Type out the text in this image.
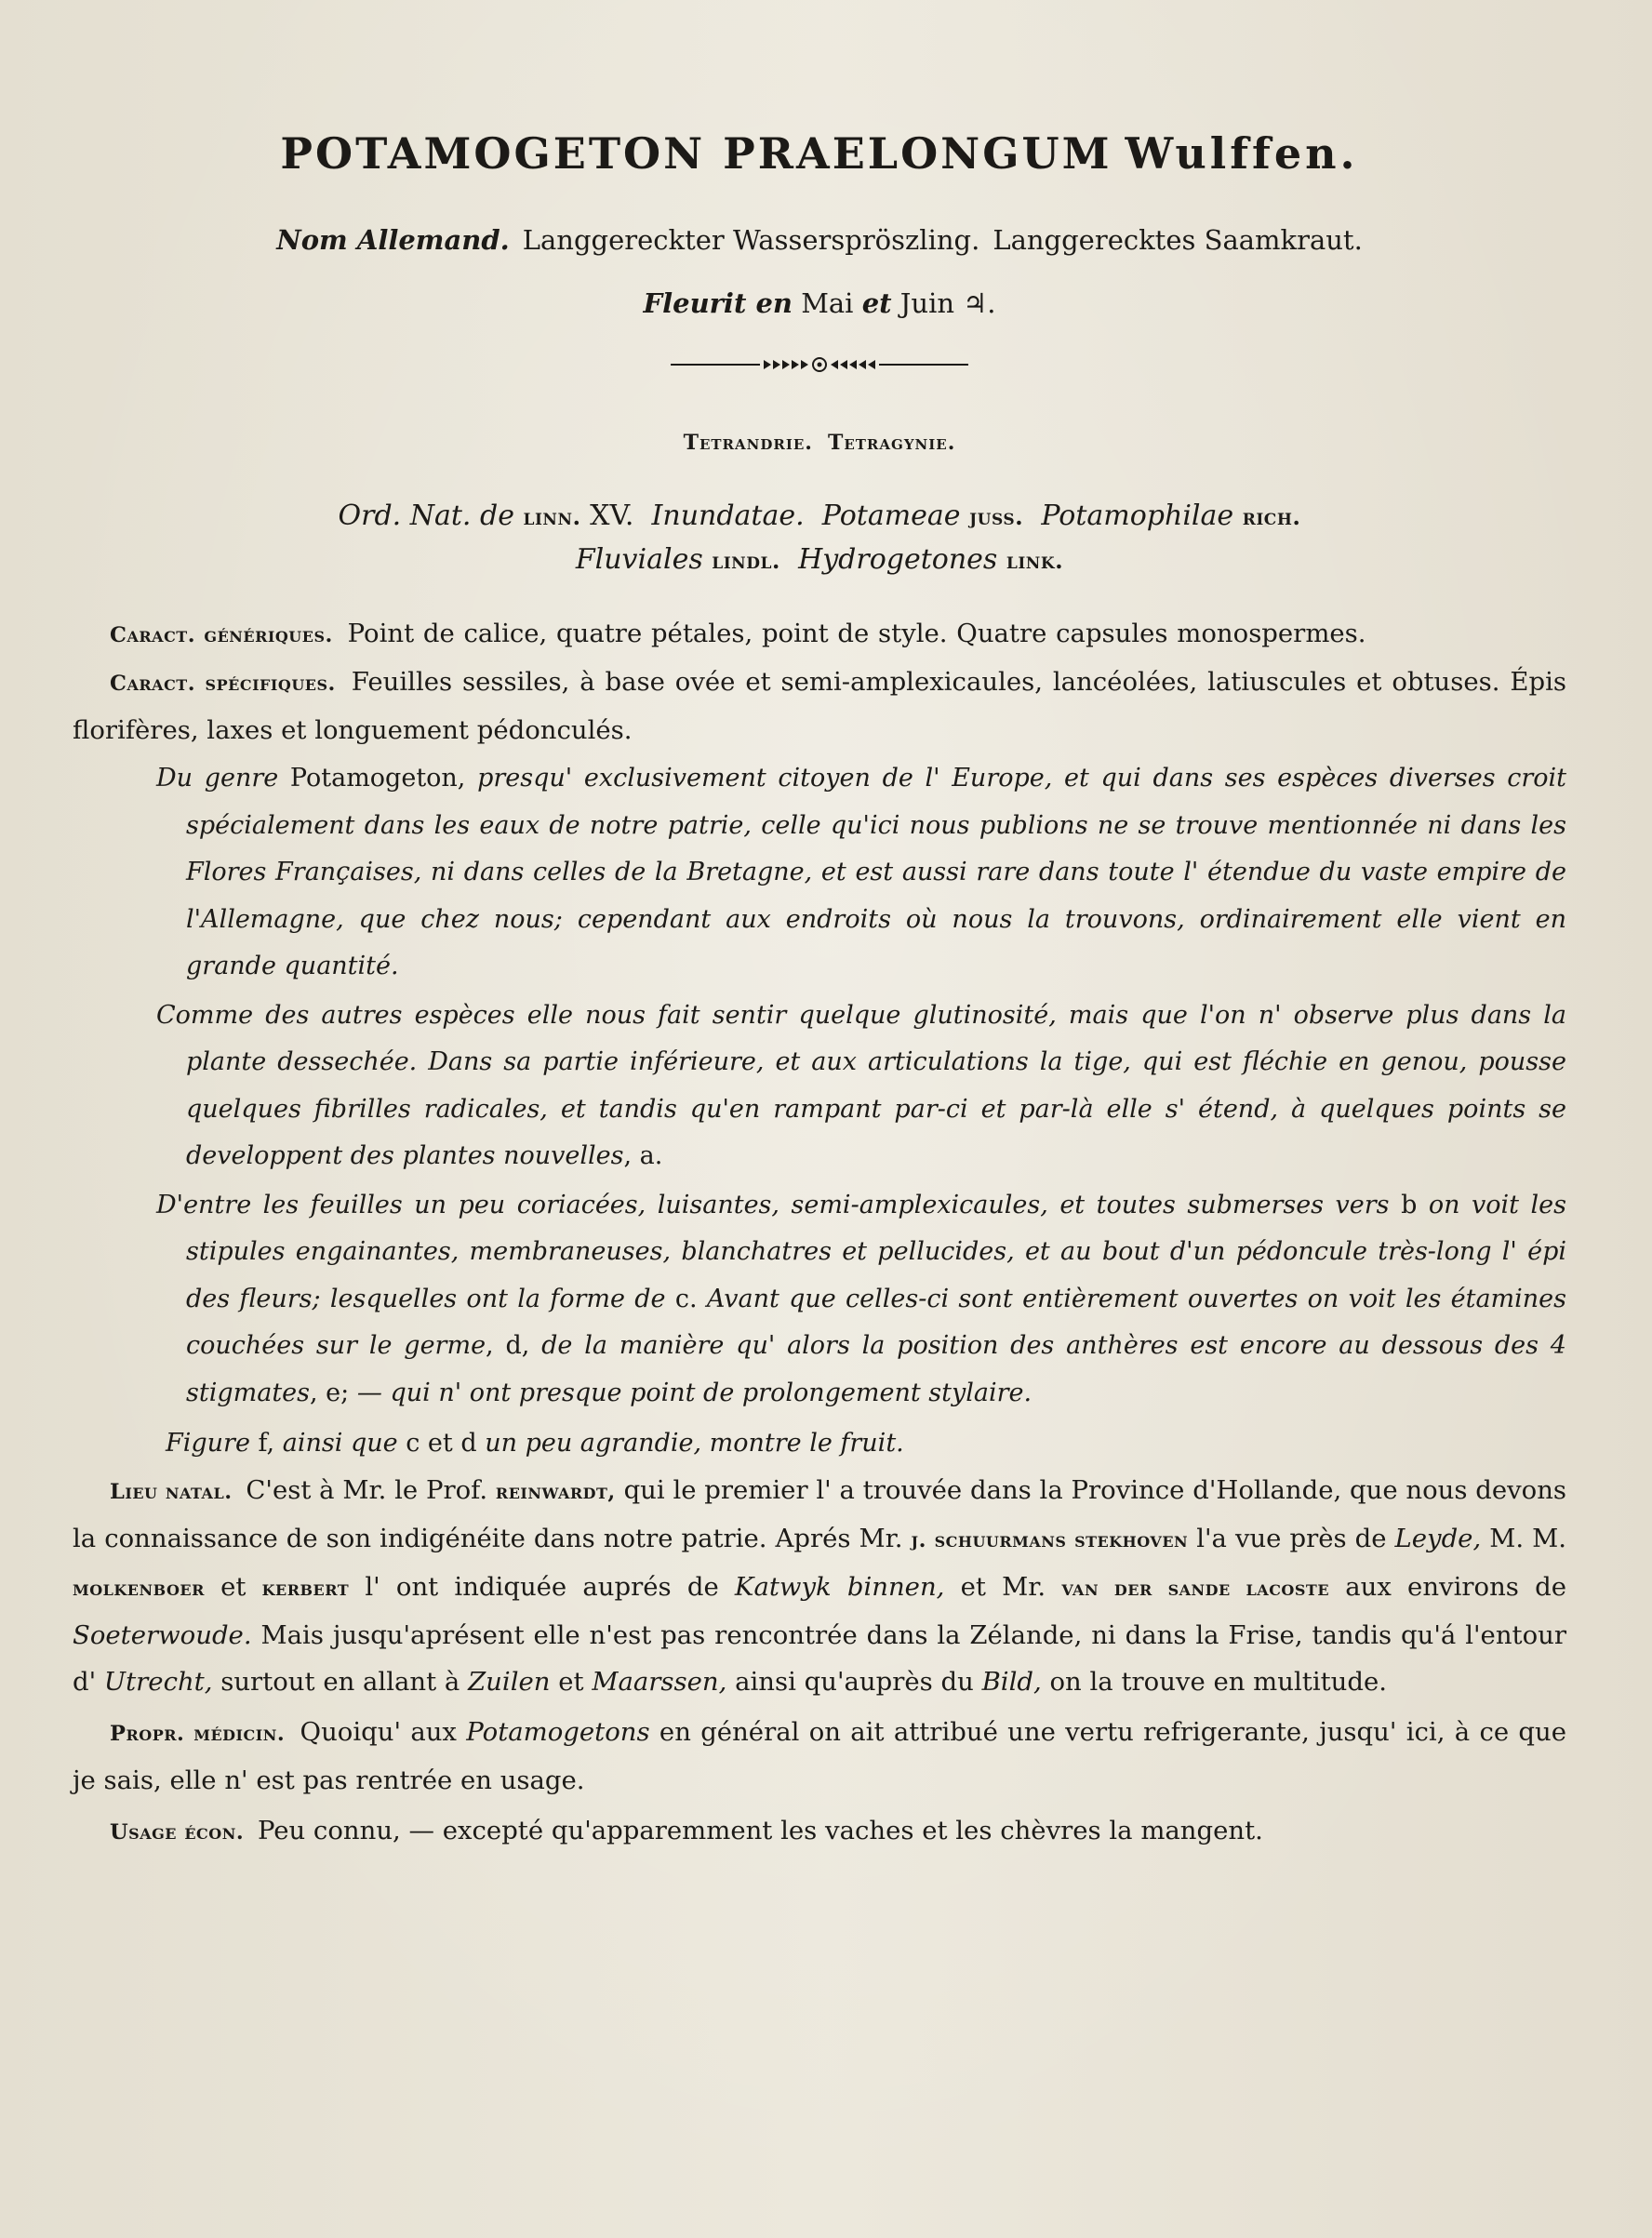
POTAMOGETON PRAELONGUM Wulffen.
Nom Allemand. Langgereckter Wasserspröszling. Langgerecktes Saamkraut.
Fleurit en Mai et Juin ♃.
Tetrandrie. Tetragynie.
Ord. Nat. de linn. XV. Inundatae. Potameae juss. Potamophilae rich.
Fluviales lindl. Hydrogetones link.

Caract. génériques. Point de calice, quatre pétales, point de style. Quatre capsules monospermes.

Caract. spécifiques. Feuilles sessiles, à base ovée et semi-amplexicaules, lancéolées, latiuscules et obtuses. Épis florifères, laxes et longuement pédonculés.

Du genre Potamogeton, presqu' exclusivement citoyen de l' Europe, et qui dans ses espèces diverses croit spécialement dans les eaux de notre patrie, celle qu'ici nous publions ne se trouve mentionnée ni dans les Flores Françaises, ni dans celles de la Bretagne, et est aussi rare dans toute l' étendue du vaste empire de l'Allemagne, que chez nous; cependant aux endroits où nous la trouvons, ordinairement elle vient en grande quantité.

Comme des autres espèces elle nous fait sentir quelque glutinosité, mais que l'on n' observe plus dans la plante dessechée. Dans sa partie inférieure, et aux articulations la tige, qui est fléchie en genou, pousse quelques fibrilles radicales, et tandis qu'en rampant par-ci et par-là elle s' étend, à quelques points se developpent des plantes nouvelles, a.

D'entre les feuilles un peu coriacées, luisantes, semi-amplexicaules, et toutes submerses vers b on voit les stipules engainantes, membraneuses, blanchatres et pellucides, et au bout d'un pédoncule très-long l' épi des fleurs; lesquelles ont la forme de c. Avant que celles-ci sont entièrement ouvertes on voit les étamines couchées sur le germe, d, de la manière qu' alors la position des anthères est encore au dessous des 4 stigmates, e; — qui n' ont presque point de prolongement stylaire.

Figure f, ainsi que c et d un peu agrandie, montre le fruit.

Lieu natal. C'est à Mr. le Prof. reinwardt, qui le premier l' a trouvée dans la Province d'Hollande, que nous devons la connaissance de son indigénéite dans notre patrie. Aprés Mr. j. schuurmans stekhoven l'a vue près de Leyde, M. M. molkenboer et kerbert l' ont indiquée auprés de Katwyk binnen, et Mr. van der sande lacoste aux environs de Soeterwoude. Mais jusqu'aprésent elle n'est pas rencontrée dans la Zélande, ni dans la Frise, tandis qu'á l'entour d' Utrecht, surtout en allant à Zuilen et Maarssen, ainsi qu'auprès du Bild, on la trouve en multitude.

Propr. médicin. Quoiqu' aux Potamogetons en général on ait attribué une vertu refrigerante, jusqu' ici, à ce que je sais, elle n' est pas rentrée en usage.

Usage écon. Peu connu, — excepté qu'apparemment les vaches et les chèvres la mangent.
